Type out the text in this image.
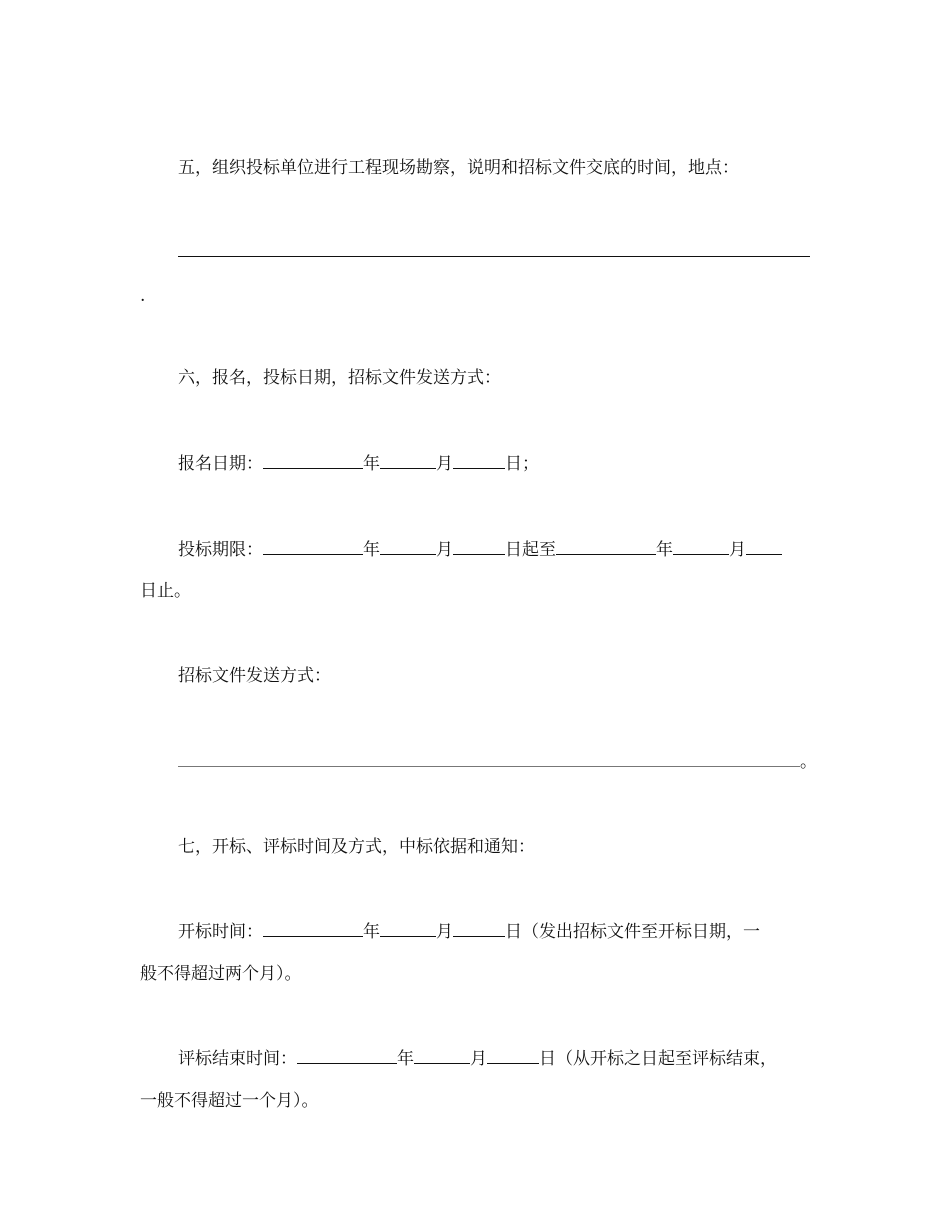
五，组织投标单位进行工程现场勘察，说明和招标文件交底的时间，地点：
.
六，报名，投标日期，招标文件发送方式：
报名日期：	年	月	日；
投标期限：	年	月	日起至	年	月
日止。
招标文件发送方式：
。
七，开标、评标时间及方式，中标依据和通知：
开标时间：	年	月	日（发出招标文件至开标日期，一
般不得超过两个月）。
评标结束时间：	年	月	日（从开标之日起至评标结束，
一般不得超过一个月）。
